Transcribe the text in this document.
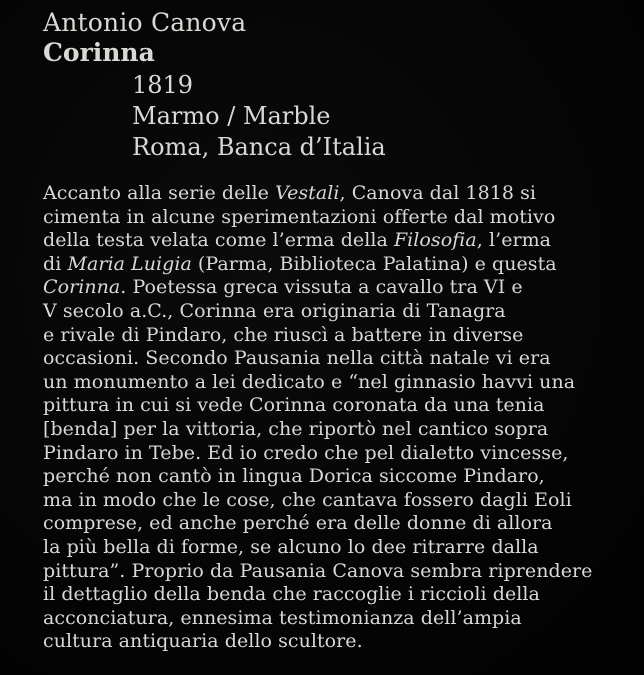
Antonio Canova
Corinna
1819
Marmo / Marble
Roma, Banca d’Italia
Accanto alla serie delle Vestali, Canova dal 1818 si
cimenta in alcune sperimentazioni offerte dal motivo
della testa velata come l’erma della Filosofia, l’erma
di Maria Luigia (Parma, Biblioteca Palatina) e questa
Corinna. Poetessa greca vissuta a cavallo tra VI e
V secolo a.C., Corinna era originaria di Tanagra
e rivale di Pindaro, che riuscì a battere in diverse
occasioni. Secondo Pausania nella città natale vi era
un monumento a lei dedicato e “nel ginnasio havvi una
pittura in cui si vede Corinna coronata da una tenia
[benda] per la vittoria, che riportò nel cantico sopra
Pindaro in Tebe. Ed io credo che pel dialetto vincesse,
perché non cantò in lingua Dorica siccome Pindaro,
ma in modo che le cose, che cantava fossero dagli Eoli
comprese, ed anche perché era delle donne di allora
la più bella di forme, se alcuno lo dee ritrarre dalla
pittura”. Proprio da Pausania Canova sembra riprendere
il dettaglio della benda che raccoglie i riccioli della
acconciatura, ennesima testimonianza dell’ampia
cultura antiquaria dello scultore.
